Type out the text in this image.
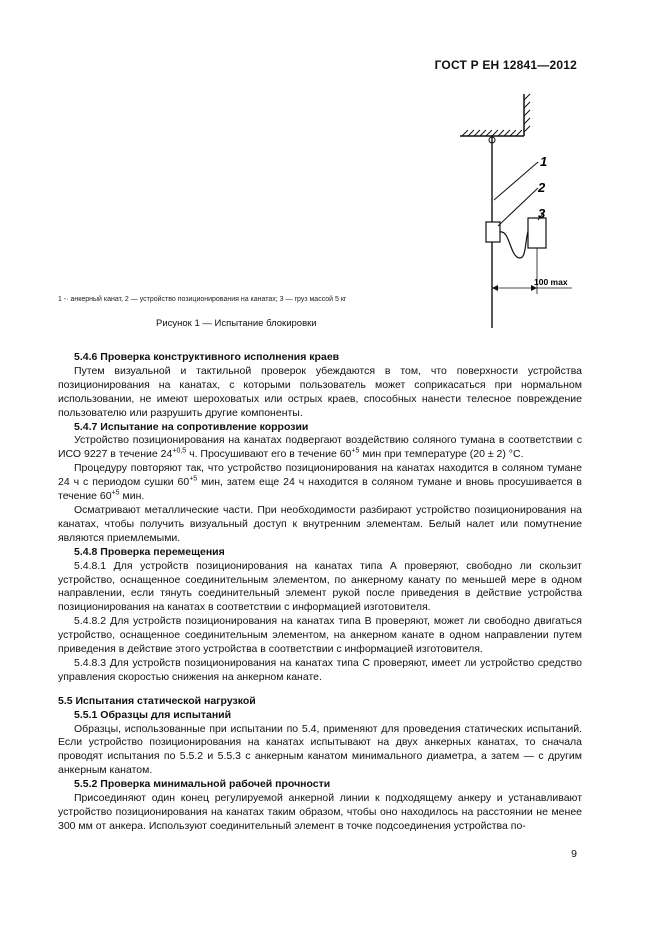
ГОСТ Р ЕН 12841—2012
1
2
3
100 max
1 -· анкерный канат, 2 — устройство позиционирования на канатах; 3 — груз массой 5 кг
Рисунок 1 — Испытание блокировки

5.4.6 Проверка конструктивного исполнения краев

Путем визуальной и тактильной проверок убеждаются в том, что поверхности устройства позиционирования на канатах, с которыми пользователь может соприкасаться при нормальном использовании, не имеют шероховатых или острых краев, способных нанести телесное повреждение пользователю или разрушить другие компоненты.

5.4.7 Испытание на сопротивление коррозии

Устройство позиционирования на канатах подвергают воздействию соляного тумана в соответствии с ИСО 9227 в течение $24^{+0,5}$ ч. Просушивают его в течение $60^{+5}$ мин при температуре (20 ± 2) °С.

Процедуру повторяют так, что устройство позиционирования на канатах находится в соляном тумане 24 ч с периодом сушки $60^{+5}$ мин, затем еще 24 ч находится в соляном тумане и вновь просушивается в течение $60^{+5}$ мин.

Осматривают металлические части. При необходимости разбирают устройство позиционирования на канатах, чтобы получить визуальный доступ к внутренним элементам. Белый налет или помутнение являются приемлемыми.

5.4.8 Проверка перемещения

5.4.8.1 Для устройств позиционирования на канатах типа А проверяют, свободно ли скользит устройство, оснащенное соединительным элементом, по анкерному канату по меньшей мере в одном направлении, если тянуть соединительный элемент рукой после приведения в действие устройства позиционирования на канатах в соответствии с информацией изготовителя.

5.4.8.2 Для устройств позиционирования на канатах типа В проверяют, может ли свободно двигаться устройство, оснащенное соединительным элементом, на анкерном канате в одном направлении путем приведения в действие этого устройства в соответствии с информацией изготовителя.

5.4.8.3 Для устройств позиционирования на канатах типа С проверяют, имеет ли устройство средство управления скоростью снижения на анкерном канате.

5.5 Испытания статической нагрузкой

5.5.1 Образцы для испытаний

Образцы, использованные при испытании по 5.4, применяют для проведения статических испытаний. Если устройство позиционирования на канатах испытывают на двух анкерных канатах, то сначала проводят испытания по 5.5.2 и 5.5.3 с анкерным канатом минимального диаметра, а затем — с другим анкерным канатом.

5.5.2 Проверка минимальной рабочей прочности

Присоединяют один конец регулируемой анкерной линии к подходящему анкеру и устанавливают устройство позиционирования на канатах таким образом, чтобы оно находилось на расстоянии не менее 300 мм от анкера. Используют соединительный элемент в точке подсоединения устройства по-

9
